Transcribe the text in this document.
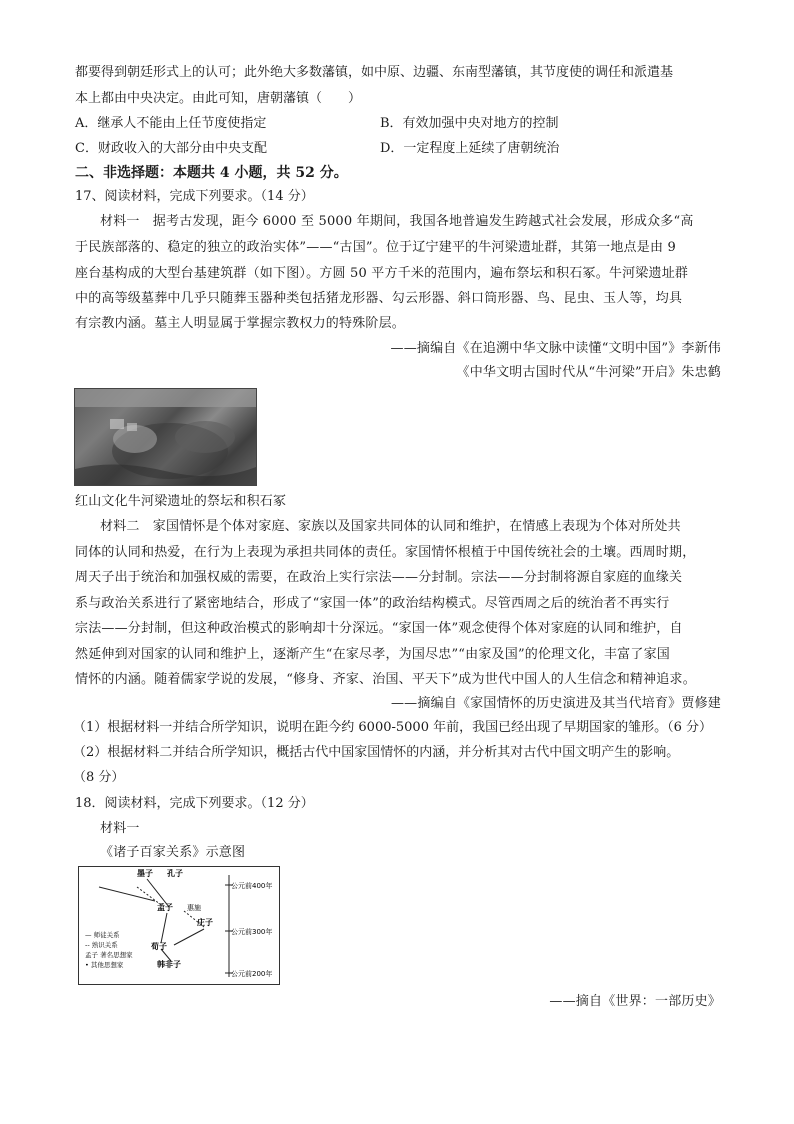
都要得到朝廷形式上的认可；此外绝大多数藩镇，如中原、边疆、东南型藩镇，其节度使的调任和派遣基
本上都由中央决定。由此可知，唐朝藩镇（　　）
A．继承人不能由上任节度使指定	B．有效加强中央对地方的控制
C．财政收入的大部分由中央支配	D．一定程度上延续了唐朝统治
二、非选择题：本题共 4 小题，共 52 分。
17、阅读材料，完成下列要求。（14 分）
材料一　据考古发现，距今 6000 至 5000 年期间，我国各地普遍发生跨越式社会发展，形成众多“高
于民族部落的、稳定的独立的政治实体”——“古国”。位于辽宁建平的牛河梁遗址群，其第一地点是由 9
座台基构成的大型台基建筑群（如下图）。方圆 50 平方千米的范围内，遍布祭坛和积石冢。牛河梁遗址群
中的高等级墓葬中几乎只随葬玉器种类包括猪龙形器、勾云形器、斜口筒形器、鸟、昆虫、玉人等，均具
有宗教内涵。墓主人明显属于掌握宗教权力的特殊阶层。
——摘编自《在追溯中华文脉中读懂“文明中国”》李新伟
《中华文明古国时代从“牛河梁”开启》朱忠鹤
红山文化牛河梁遗址的祭坛和积石冢
材料二　家国情怀是个体对家庭、家族以及国家共同体的认同和维护，在情感上表现为个体对所处共
同体的认同和热爱，在行为上表现为承担共同体的责任。家国情怀根植于中国传统社会的土壤。西周时期，
周天子出于统治和加强权威的需要，在政治上实行宗法——分封制。宗法——分封制将源自家庭的血缘关
系与政治关系进行了紧密地结合，形成了“家国一体”的政治结构模式。尽管西周之后的统治者不再实行
宗法——分封制，但这种政治模式的影响却十分深远。“家国一体”观念使得个体对家庭的认同和维护，自
然延伸到对国家的认同和维护上，逐渐产生“在家尽孝，为国尽忠”“由家及国”的伦理文化，丰富了家国
情怀的内涵。随着儒家学说的发展，“修身、齐家、治国、平天下”成为世代中国人的人生信念和精神追求。
——摘编自《家国情怀的历史演进及其当代培育》贾修建
（1）根据材料一并结合所学知识，说明在距今约 6000-5000 年前，我国已经出现了早期国家的雏形。（6 分）
（2）根据材料二并结合所学知识，概括古代中国家国情怀的内涵，并分析其对古代中国文明产生的影响。
（8 分）
18．阅读材料，完成下列要求。（12 分）
材料一
《诸子百家关系》示意图
公元前400年
公元前300年
公元前200年
墨子 孔子
孟子 惠施
庄子
荀子
韩非子
— 师徒关系
-- 熟识关系
孟子 著名思想家
• 其他思想家
——摘自《世界：一部历史》
